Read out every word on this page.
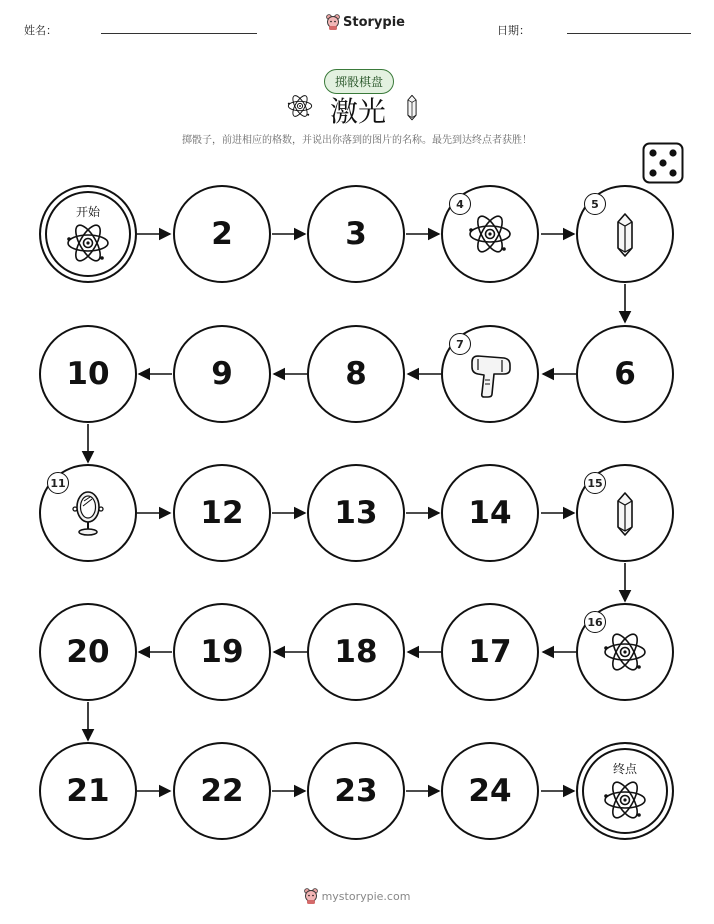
姓名：
Storypie
日期：
掷骰棋盘
激光
掷骰子，前进相应的格数，并说出你落到的图片的名称。最先到达终点者获胜！
开始
2	3
4	5
10	9	8
7
6
11
12	13	14
15
20	19	18	17
16
21	22	23	24
终点
mystorypie.com
